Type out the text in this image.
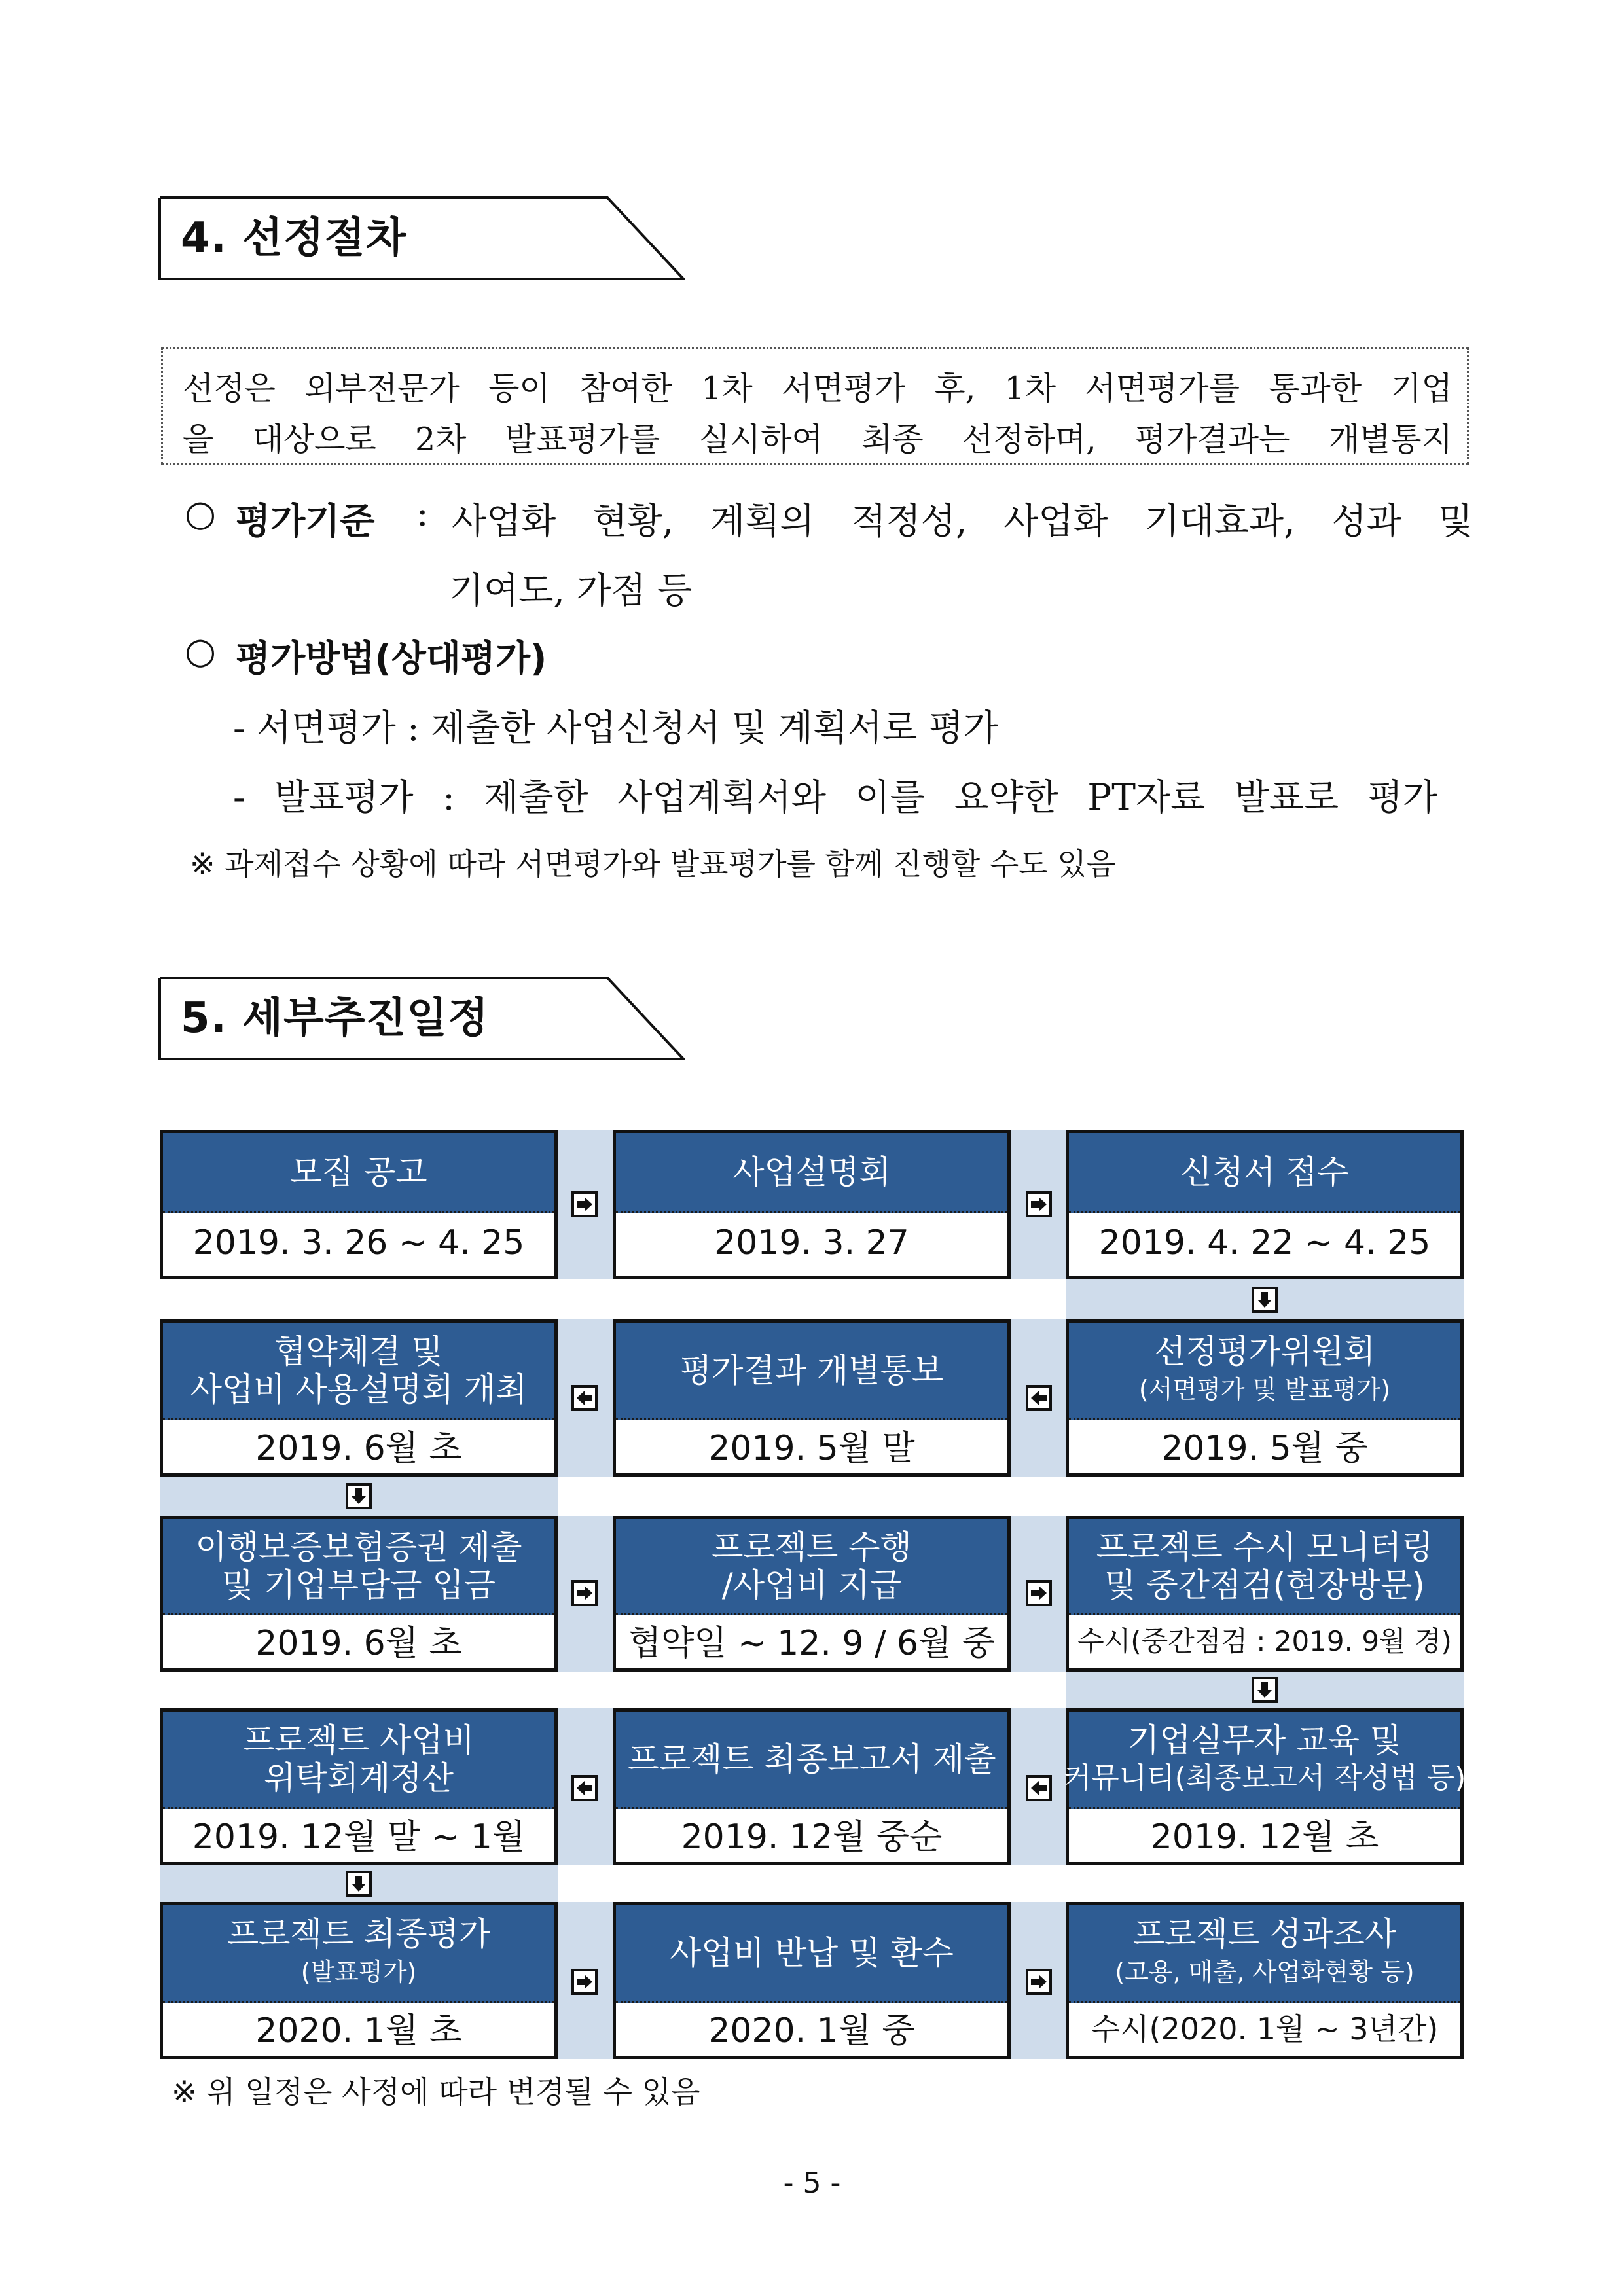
4. 선정절차
선정은 외부전문가 등이 참여한 1차 서면평가 후, 1차 서면평가를 통과한 기업
을 대상으로 2차 발표평가를 실시하여 최종 선정하며, 평가결과는 개별통지
○ 평가기준 : 사업화 현황, 계획의 적정성, 사업화 기대효과, 성과 및
기여도, 가점 등
○ 평가방법(상대평가)
- 서면평가 : 제출한 사업신청서 및 계획서로 평가
- 발표평가 : 제출한 사업계획서와 이를 요약한 PT자료 발표로 평가
※ 과제접수 상황에 따라 서면평가와 발표평가를 함께 진행할 수도 있음
5. 세부추진일정
모집 공고
2019. 3. 26 ~ 4. 25
사업설명회
2019. 3. 27
신청서 접수
2019. 4. 22 ~ 4. 25
협약체결 및
사업비 사용설명회 개최
2019. 6월 초
평가결과 개별통보
2019. 5월 말
선정평가위원회
(서면평가 및 발표평가)
2019. 5월 중
이행보증보험증권 제출
및 기업부담금 입금
2019. 6월 초
프로젝트 수행
/사업비 지급
협약일 ~ 12. 9 / 6월 중
프로젝트 수시 모니터링
및 중간점검(현장방문)
수시(중간점검 : 2019. 9월 경)
프로젝트 사업비
위탁회계정산
2019. 12월 말 ~ 1월
프로젝트 최종보고서 제출
2019. 12월 중순
기업실무자 교육 및
커뮤니티(최종보고서 작성법 등)
2019. 12월 초
프로젝트 최종평가
(발표평가)
2020. 1월 초
사업비 반납 및 환수
2020. 1월 중
프로젝트 성과조사
(고용, 매출, 사업화현황 등)
수시(2020. 1월 ~ 3년간)
※ 위 일정은 사정에 따라 변경될 수 있음
- 5 -
